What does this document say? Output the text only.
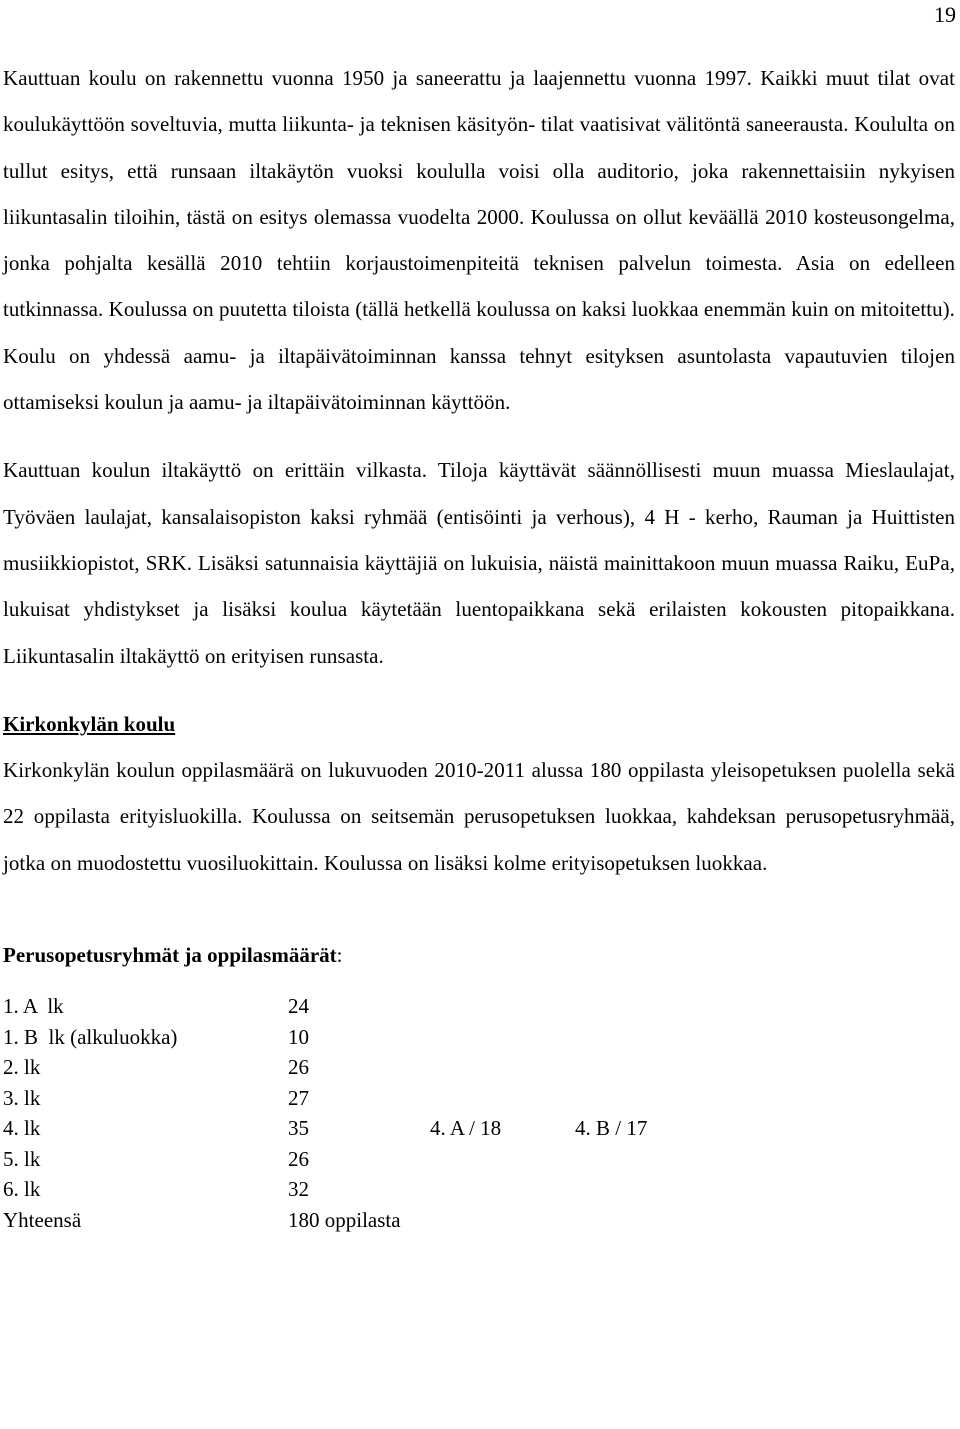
19

Kauttuan koulu on rakennettu vuonna 1950 ja saneerattu ja laajennettu vuonna 1997. Kaikki muut tilat ovat koulukäyttöön soveltuvia, mutta liikunta- ja teknisen käsityön- tilat vaatisivat välitöntä saneerausta. Koululta on tullut esitys, että runsaan iltakäytön vuoksi koululla voisi olla auditorio, joka rakennettaisiin nykyisen liikuntasalin tiloihin, tästä on esitys olemassa vuodelta 2000. Koulussa on ollut keväällä 2010 kosteusongelma, jonka pohjalta kesällä 2010 tehtiin korjaustoimenpiteitä teknisen palvelun toimesta. Asia on edelleen tutkinnassa. Koulussa on puutetta tiloista (tällä hetkellä koulussa on kaksi luokkaa enemmän kuin on mitoitettu). Koulu on yhdessä aamu- ja iltapäivätoiminnan kanssa tehnyt esityksen asuntolasta vapautuvien tilojen ottamiseksi koulun ja aamu- ja iltapäivätoiminnan käyttöön.

Kauttuan koulun iltakäyttö on erittäin vilkasta. Tiloja käyttävät säännöllisesti muun muassa Mieslaulajat, Työväen laulajat, kansalaisopiston kaksi ryhmää (entisöinti ja verhous), 4 H - kerho, Rauman ja Huittisten musiikkiopistot, SRK. Lisäksi satunnaisia käyttäjiä on lukuisia, näistä mainittakoon muun muassa Raiku, EuPa, lukuisat yhdistykset ja lisäksi koulua käytetään luentopaikkana sekä erilaisten kokousten pitopaikkana. Liikuntasalin iltakäyttö on erityisen runsasta.

Kirkonkylän koulu

Kirkonkylän koulun oppilasmäärä on lukuvuoden 2010-2011 alussa 180 oppilasta yleisopetuksen puolella sekä 22 oppilasta erityisluokilla. Koulussa on seitsemän perusopetuksen luokkaa, kahdeksan perusopetusryhmää, jotka on muodostettu vuosiluokittain. Koulussa on lisäksi kolme erityisopetuksen luokkaa.

Perusopetusryhmät ja oppilasmäärät:

1. A  lk	24
1. B  lk (alkuluokka)	10
2. lk	26
3. lk	27
4. lk	35	4. A / 18	4. B / 17
5. lk	26
6. lk	32
Yhteensä	180 oppilasta
